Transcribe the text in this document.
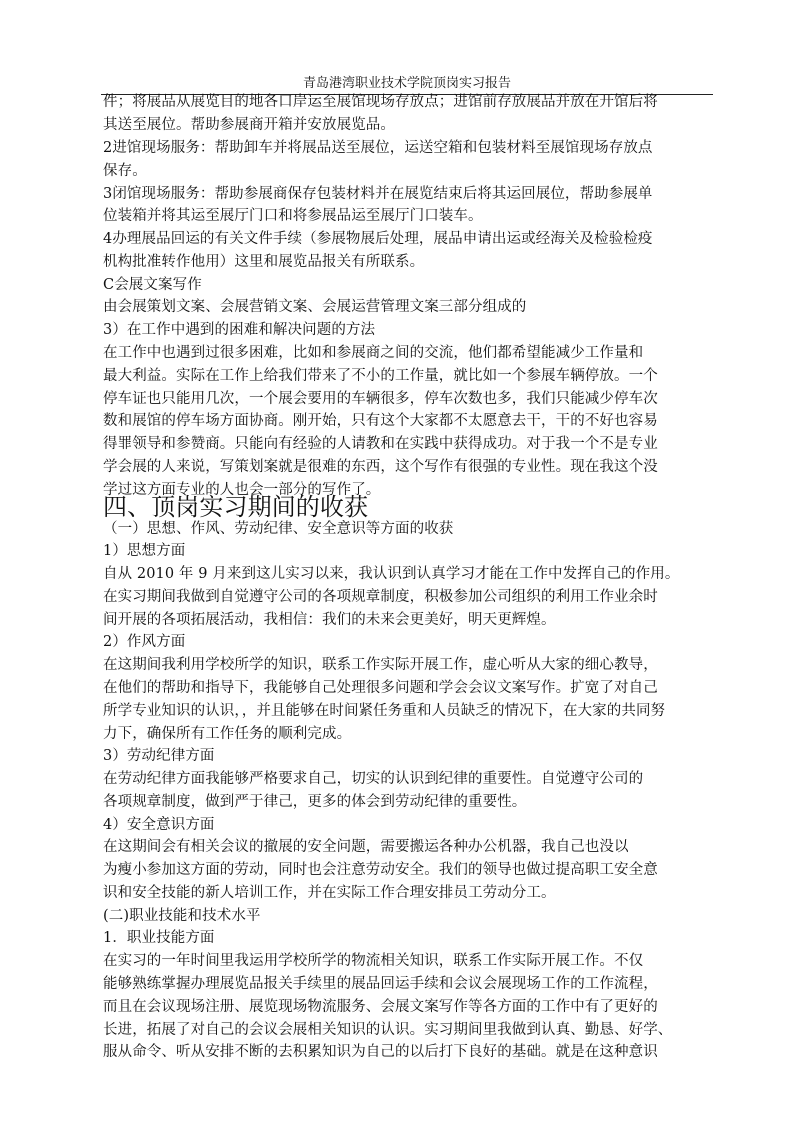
青岛港湾职业技术学院顶岗实习报告
件；将展品从展览目的地各口岸运至展馆现场存放点；进馆前存放展品并放在开馆后将
其送至展位。帮助参展商开箱并安放展览品。
2进馆现场服务：帮助卸车并将展品送至展位，运送空箱和包装材料至展馆现场存放点
保存。
3闭馆现场服务：帮助参展商保存包装材料并在展览结束后将其运回展位，帮助参展单
位装箱并将其运至展厅门口和将参展品运至展厅门口装车。
4办理展品回运的有关文件手续（参展物展后处理，展品申请出运或经海关及检验检疫
机构批准转作他用）这里和展览品报关有所联系。
C会展文案写作
由会展策划文案、会展营销文案、会展运营管理文案三部分组成的
3）在工作中遇到的困难和解决问题的方法
在工作中也遇到过很多困难，比如和参展商之间的交流，他们都希望能减少工作量和
最大利益。实际在工作上给我们带来了不小的工作量，就比如一个参展车辆停放。一个
停车证也只能用几次，一个展会要用的车辆很多，停车次数也多，我们只能减少停车次
数和展馆的停车场方面协商。刚开始，只有这个大家都不太愿意去干，干的不好也容易
得罪领导和参赞商。只能向有经验的人请教和在实践中获得成功。对于我一个不是专业
学会展的人来说，写策划案就是很难的东西，这个写作有很强的专业性。现在我这个没
学过这方面专业的人也会一部分的写作了。
四、顶岗实习期间的收获
（一）思想、作风、劳动纪律、安全意识等方面的收获
1）思想方面
自从 2010 年 9 月来到这儿实习以来，我认识到认真学习才能在工作中发挥自己的作用。
在实习期间我做到自觉遵守公司的各项规章制度，积极参加公司组织的利用工作业余时
间开展的各项拓展活动，我相信：我们的未来会更美好，明天更辉煌。
2）作风方面
在这期间我利用学校所学的知识，联系工作实际开展工作，虚心听从大家的细心教导，
在他们的帮助和指导下，我能够自己处理很多问题和学会会议文案写作。扩宽了对自己
所学专业知识的认识，，并且能够在时间紧任务重和人员缺乏的情况下，在大家的共同努
力下，确保所有工作任务的顺利完成。
3）劳动纪律方面
在劳动纪律方面我能够严格要求自己，切实的认识到纪律的重要性。自觉遵守公司的
各项规章制度，做到严于律己，更多的体会到劳动纪律的重要性。
4）安全意识方面
在这期间会有相关会议的撤展的安全问题，需要搬运各种办公机器，我自己也没以
为瘦小参加这方面的劳动，同时也会注意劳动安全。我们的领导也做过提高职工安全意
识和安全技能的新人培训工作，并在实际工作合理安排员工劳动分工。
(二)职业技能和技术水平
1．职业技能方面
在实习的一年时间里我运用学校所学的物流相关知识，联系工作实际开展工作。不仅
能够熟练掌握办理展览品报关手续里的展品回运手续和会议会展现场工作的工作流程，
而且在会议现场注册、展览现场物流服务、会展文案写作等各方面的工作中有了更好的
长进，拓展了对自己的会议会展相关知识的认识。实习期间里我做到认真、勤恳、好学、
服从命令、听从安排不断的去积累知识为自己的以后打下良好的基础。就是在这种意识
